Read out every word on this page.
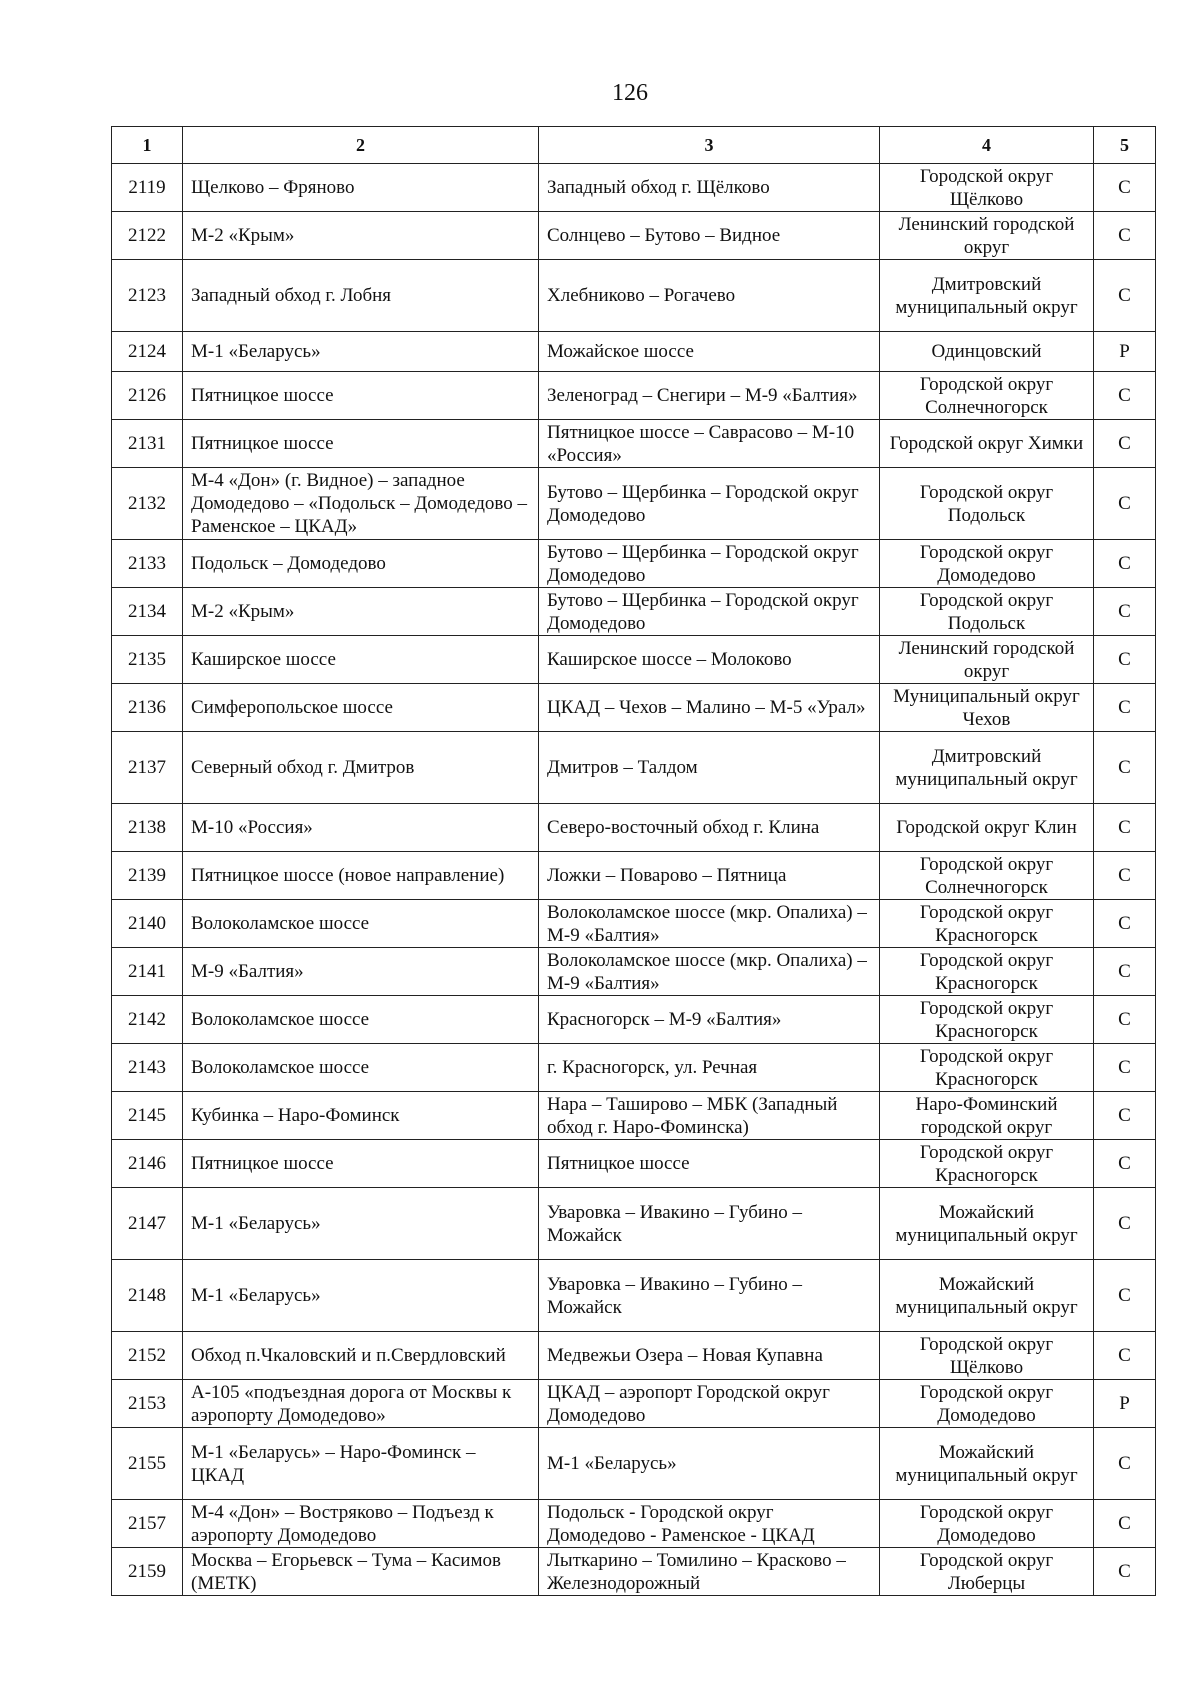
126
1	2	3	4	5
2119	Щелково – Фряново	Западный обход г. Щёлково	Городской округ Щёлково	С
2122	М-2 «Крым»	Солнцево – Бутово – Видное	Ленинский городской округ	С
2123	Западный обход г. Лобня	Хлебниково – Рогачево	Дмитровский муниципальный округ	С
2124	М-1 «Беларусь»	Можайское шоссе	Одинцовский	Р
2126	Пятницкое шоссе	Зеленоград – Снегири – М-9 «Балтия»	Городской округ Солнечногорск	С
2131	Пятницкое шоссе	Пятницкое шоссе – Саврасово – М-10 «Россия»	Городской округ Химки	С
2132	М-4 «Дон» (г. Видное) – западное Домодедово – «Подольск – Домодедово – Раменское – ЦКАД»	Бутово – Щербинка – Городской округ Домодедово	Городской округ Подольск	С
2133	Подольск – Домодедово	Бутово – Щербинка – Городской округ Домодедово	Городской округ Домодедово	С
2134	М-2 «Крым»	Бутово – Щербинка – Городской округ Домодедово	Городской округ Подольск	С
2135	Каширское шоссе	Каширское шоссе – Молоково	Ленинский городской округ	С
2136	Симферопольское шоссе	ЦКАД – Чехов – Малино – М-5 «Урал»	Муниципальный округ Чехов	С
2137	Северный обход г. Дмитров	Дмитров – Талдом	Дмитровский муниципальный округ	С
2138	М-10 «Россия»	Северо-восточный обход г. Клина	Городской округ Клин	С
2139	Пятницкое шоссе (новое направление)	Ложки – Поварово – Пятница	Городской округ Солнечногорск	С
2140	Волоколамское шоссе	Волоколамское шоссе (мкр. Опалиха) – М-9 «Балтия»	Городской округ Красногорск	С
2141	М-9 «Балтия»	Волоколамское шоссе (мкр. Опалиха) – М-9 «Балтия»	Городской округ Красногорск	С
2142	Волоколамское шоссе	Красногорск – М-9 «Балтия»	Городской округ Красногорск	С
2143	Волоколамское шоссе	г. Красногорск, ул. Речная	Городской округ Красногорск	С
2145	Кубинка – Наро-Фоминск	Нара – Таширово – МБК (Западный обход г. Наро-Фоминска)	Наро-Фоминский городской округ	С
2146	Пятницкое шоссе	Пятницкое шоссе	Городской округ Красногорск	С
2147	М-1 «Беларусь»	Уваровка – Ивакино – Губино – Можайск	Можайский муниципальный округ	С
2148	М-1 «Беларусь»	Уваровка – Ивакино – Губино – Можайск	Можайский муниципальный округ	С
2152	Обход п.Чкаловский и п.Свердловский	Медвежьи Озера – Новая Купавна	Городской округ Щёлково	С
2153	А-105 «подъездная дорога от Москвы к аэропорту Домодедово»	ЦКАД – аэропорт Городской округ Домодедово	Городской округ Домодедово	Р
2155	М-1 «Беларусь» – Наро-Фоминск – ЦКАД	М-1 «Беларусь»	Можайский муниципальный округ	С
2157	М-4 «Дон» – Востряково – Подъезд к аэропорту Домодедово	Подольск - Городской округ Домодедово - Раменское - ЦКАД	Городской округ Домодедово	С
2159	Москва – Егорьевск – Тума – Касимов (МЕТК)	Лыткарино – Томилино – Красково – Железнодорожный	Городской округ Люберцы	С
